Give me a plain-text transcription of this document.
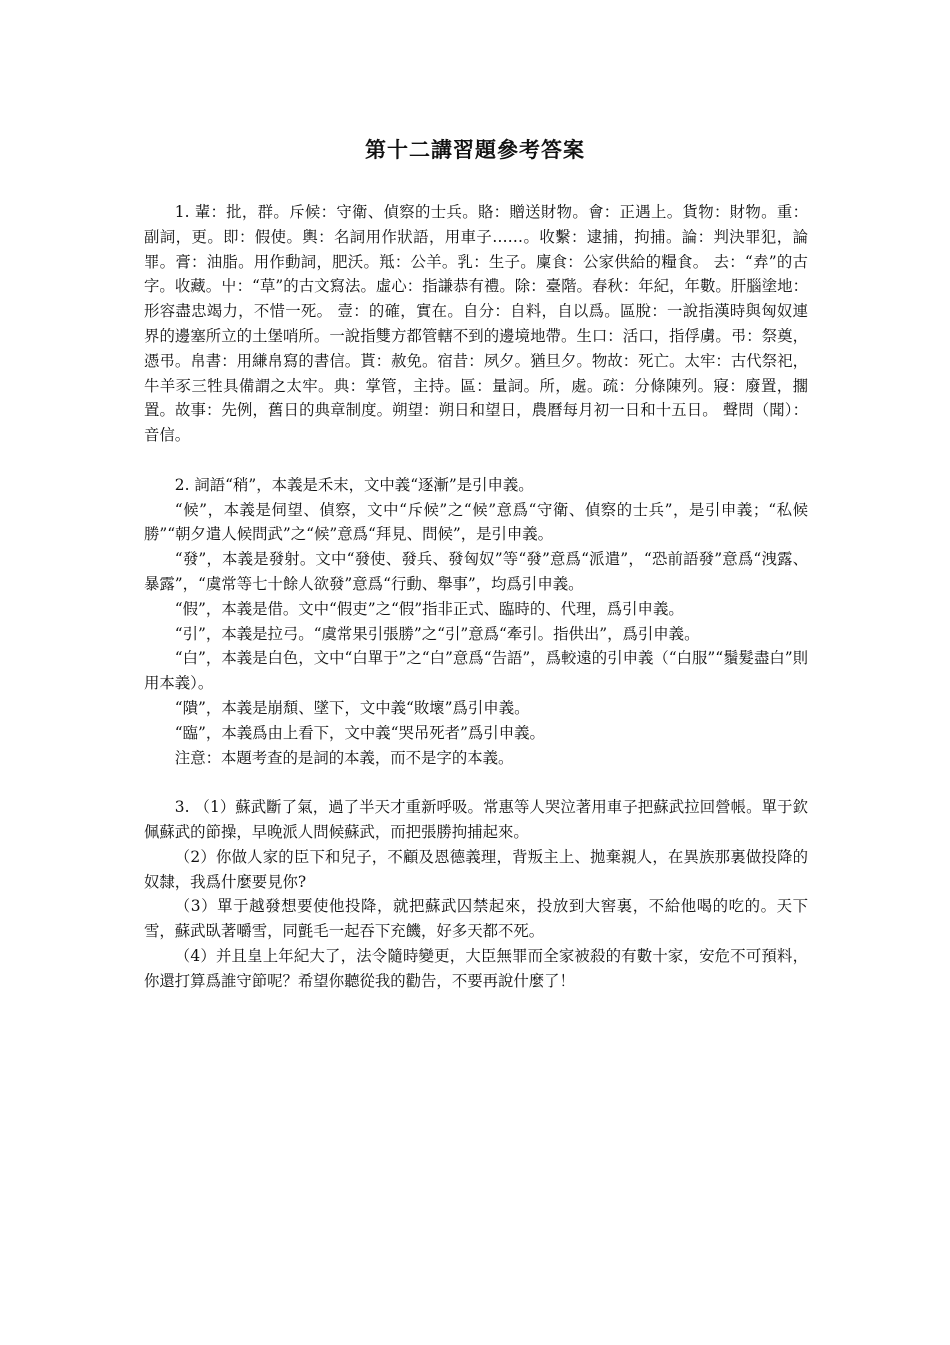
第十二講習題參考答案

1. 輩：批，群。斥候：守衛、偵察的士兵。賂：贈送財物。會：正遇上。貨物：財物。重：副詞，更。即：假使。輿：名詞用作狀語，用車子……。收繫：逮捕，拘捕。論：判決罪犯，論罪。膏：油脂。用作動詞，肥沃。羝：公羊。乳：生子。廩食：公家供給的糧食。 去：“弆”的古字。收藏。屮：“草”的古文寫法。虛心：指謙恭有禮。除：臺階。春秋：年紀，年數。肝腦塗地：形容盡忠竭力，不惜一死。 壹：的確，實在。自分：自料，自以爲。區脫：一說指漢時與匈奴連界的邊塞所立的土堡哨所。一說指雙方都管轄不到的邊境地帶。生口：活口，指俘虜。弔：祭奠，憑弔。帛書：用縑帛寫的書信。貰：赦免。宿昔：夙夕。猶旦夕。物故：死亡。太牢：古代祭祀，牛羊豕三牲具備謂之太牢。典：掌管，主持。區：量詞。所，處。疏：分條陳列。寢：廢置，擱置。故事：先例，舊日的典章制度。朔望：朔日和望日，農曆每月初一日和十五日。 聲問（聞）：音信。

2. 詞語“稍”，本義是禾末，文中義“逐漸”是引申義。

“候”，本義是伺望、偵察，文中“斥候”之“候”意爲“守衛、偵察的士兵”，是引申義；“私候勝”“朝夕遣人候問武”之“候”意爲“拜見、問候”，是引申義。

“發”，本義是發射。文中“發使、發兵、發匈奴”等“發”意爲“派遣”，“恐前語發”意爲“洩露、暴露”，“虞常等七十餘人欲發”意爲“行動、舉事”，均爲引申義。

“假”，本義是借。文中“假吏”之“假”指非正式、臨時的、代理，爲引申義。

“引”，本義是拉弓。“虞常果引張勝”之“引”意爲“牽引。指供出”，爲引申義。

“白”，本義是白色，文中“白單于”之“白”意爲“告語”，爲較遠的引申義（“白服”“鬚髮盡白”則用本義）。

“隤”，本義是崩頹、墜下，文中義“敗壞”爲引申義。

“臨”，本義爲由上看下，文中義“哭吊死者”爲引申義。

注意：本題考查的是詞的本義，而不是字的本義。

3. （1）蘇武斷了氣，過了半天才重新呼吸。常惠等人哭泣著用車子把蘇武拉回營帳。單于欽佩蘇武的節操，早晚派人問候蘇武，而把張勝拘捕起來。

（2）你做人家的臣下和兒子，不顧及恩德義理，背叛主上、拋棄親人，在異族那裏做投降的奴隸，我爲什麼要見你?

（3）單于越發想要使他投降，就把蘇武囚禁起來，投放到大窖裏，不給他喝的吃的。天下雪，蘇武臥著嚼雪，同氈毛一起吞下充饑，好多天都不死。

（4）并且皇上年紀大了，法令隨時變更，大臣無罪而全家被殺的有數十家，安危不可預料，你還打算爲誰守節呢？希望你聽從我的勸告，不要再說什麼了！
